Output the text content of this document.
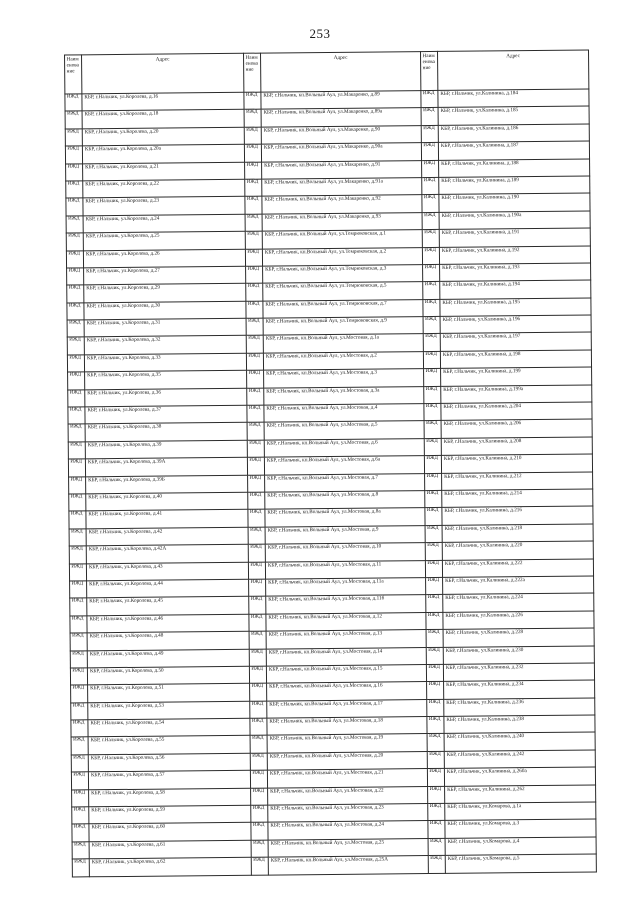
253
Наим енова ние	Адрес	Наим енова ние	Адрес	Наим енова ние	Адрес
ИЖД	КБР, г.Нальчик, ул.Королева, д.16	ИЖД	КБР, г.Нальчик, кп.Вольный Аул, ул.Макаренко, д.89	ИЖД	КБР, г.Нальчик, ул.Калинина, д.184
ИЖД	КБР, г.Нальчик, ул.Королева, д.18	ИЖД	КБР, г.Нальчик, кп.Вольный Аул, ул.Макаренко, д.89а	ИЖД	КБР, г.Нальчик, ул.Калинина, д.185
ИЖД	КБР, г.Нальчик, ул.Королева, д.20	ИЖД	КБР, г.Нальчик, кп.Вольный Аул, ул.Макаренко, д.90	ИЖД	КБР, г.Нальчик, ул.Калинина, д.186
ИЖД	КБР, г.Нальчик, ул.Королева, д.20а	ИЖД	КБР, г.Нальчик, кп.Вольный Аул, ул.Макаренко, д.90а	ИЖД	КБР, г.Нальчик, ул.Калинина, д.187
ИЖД	КБР, г.Нальчик, ул.Королева, д.21	ИЖД	КБР, г.Нальчик, кп.Вольный Аул, ул.Макаренко, д.91	ИЖД	КБР, г.Нальчик, ул.Калинина, д.188
ИЖД	КБР, г.Нальчик, ул.Королева, д.22	ИЖД	КБР, г.Нальчик, кп.Вольный Аул, ул.Макаренко, д.91а	ИЖД	КБР, г.Нальчик, ул.Калинина, д.189
ИЖД	КБР, г.Нальчик, ул.Королева, д.23	ИЖД	КБР, г.Нальчик, кп.Вольный Аул, ул.Макаренко, д.92	ИЖД	КБР, г.Нальчик, ул.Калинина, д.190
ИЖД	КБР, г.Нальчик, ул.Королева, д.24	ИЖД	КБР, г.Нальчик, кп.Вольный Аул, ул.Макаренко, д.93	ИЖД	КБР, г.Нальчик, ул.Калинина, д.190а
ИЖД	КБР, г.Нальчик, ул.Королева, д.25	ИЖД	КБР, г.Нальчик, кп.Вольный Аул, ул.Темрюковская, д.1	ИЖД	КБР, г.Нальчик, ул.Калинина, д.191
ИЖД	КБР, г.Нальчик, ул.Королева, д.26	ИЖД	КБР, г.Нальчик, кп.Вольный Аул, ул.Темрюковская, д.2	ИЖД	КБР, г.Нальчик, ул.Калинина, д.192
ИЖД	КБР, г.Нальчик, ул.Королева, д.27	ИЖД	КБР, г.Нальчик, кп.Вольный Аул, ул.Темрюковская, д.3	ИЖД	КБР, г.Нальчик, ул.Калинина, д.193
ИЖД	КБР, г.Нальчик, ул.Королева, д.29	ИЖД	КБР, г.Нальчик, кп.Вольный Аул, ул.Темрюковская, д.5	ИЖД	КБР, г.Нальчик, ул.Калинина, д.194
ИЖД	КБР, г.Нальчик, ул.Королева, д.30	ИЖД	КБР, г.Нальчик, кп.Вольный Аул, ул.Темрюковская, д.7	ИЖД	КБР, г.Нальчик, ул.Калинина, д.195
ИЖД	КБР, г.Нальчик, ул.Королева, д.31	ИЖД	КБР, г.Нальчик, кп.Вольный Аул, ул.Темрюковская, д.9	ИЖД	КБР, г.Нальчик, ул.Калинина, д.196
ИЖД	КБР, г.Нальчик, ул.Королева, д.32	ИЖД	КБР, г.Нальчик, кп.Вольный Аул, ул.Мостовая, д.1а	ИЖД	КБР, г.Нальчик, ул.Калинина, д.197
ИЖД	КБР, г.Нальчик, ул.Королева, д.33	ИЖД	КБР, г.Нальчик, кп.Вольный Аул, ул.Мостовая, д.2	ИЖД	КБР, г.Нальчик, ул.Калинина, д.198
ИЖД	КБР, г.Нальчик, ул.Королева, д.35	ИЖД	КБР, г.Нальчик, кп.Вольный Аул, ул.Мостовая, д.3	ИЖД	КБР, г.Нальчик, ул.Калинина, д.199
ИЖД	КБР, г.Нальчик, ул.Королева, д.36	ИЖД	КБР, г.Нальчик, кп.Вольный Аул, ул.Мостовая, д.3а	ИЖД	КБР, г.Нальчик, ул.Калинина, д.199а
ИЖД	КБР, г.Нальчик, ул.Королева, д.37	ИЖД	КБР, г.Нальчик, кп.Вольный Аул, ул.Мостовая, д.4	ИЖД	КБР, г.Нальчик, ул.Калинина, д.204
ИЖД	КБР, г.Нальчик, ул.Королева, д.38	ИЖД	КБР, г.Нальчик, кп.Вольный Аул, ул.Мостовая, д.5	ИЖД	КБР, г.Нальчик, ул.Калинина, д.206
ИЖД	КБР, г.Нальчик, ул.Королева, д.39	ИЖД	КБР, г.Нальчик, кп.Вольный Аул, ул.Мостовая, д.6	ИЖД	КБР, г.Нальчик, ул.Калинина, д.208
ИЖД	КБР, г.Нальчик, ул.Королева, д.39А	ИЖД	КБР, г.Нальчик, кп.Вольный Аул, ул.Мостовая, д.6а	ИЖД	КБР, г.Нальчик, ул.Калинина, д.210
ИЖД	КБР, г.Нальчик, ул.Королева, д.39Б	ИЖД	КБР, г.Нальчик, кп.Вольный Аул, ул.Мостовая, д.7	ИЖД	КБР, г.Нальчик, ул.Калинина, д.212
ИЖД	КБР, г.Нальчик, ул.Королева, д.40	ИЖД	КБР, г.Нальчик, кп.Вольный Аул, ул.Мостовая, д.8	ИЖД	КБР, г.Нальчик, ул.Калинина, д.214
ИЖД	КБР, г.Нальчик, ул.Королева, д.41	ИЖД	КБР, г.Нальчик, кп.Вольный Аул, ул.Мостовая, д.8а	ИЖД	КБР, г.Нальчик, ул.Калинина, д.216
ИЖД	КБР, г.Нальчик, ул.Королева, д.42	ИЖД	КБР, г.Нальчик, кп.Вольный Аул, ул.Мостовая, д.9	ИЖД	КБР, г.Нальчик, ул.Калинина, д.218
ИЖД	КБР, г.Нальчик, ул.Королева, д.42А	ИЖД	КБР, г.Нальчик, кп.Вольный Аул, ул.Мостовая, д.10	ИЖД	КБР, г.Нальчик, ул.Калинина, д.220
ИЖД	КБР, г.Нальчик, ул.Королева, д.43	ИЖД	КБР, г.Нальчик, кп.Вольный Аул, ул.Мостовая, д.11	ИЖД	КБР, г.Нальчик, ул.Калинина, д.222
ИЖД	КБР, г.Нальчик, ул.Королева, д.44	ИЖД	КБР, г.Нальчик, кп.Вольный Аул, ул.Мостовая, д.11а	ИЖД	КБР, г.Нальчик, ул.Калинина, д.222а
ИЖД	КБР, г.Нальчик, ул.Королева, д.45	ИЖД	КБР, г.Нальчик, кп.Вольный Аул, ул.Мостовая, д.11б	ИЖД	КБР, г.Нальчик, ул.Калинина, д.224
ИЖД	КБР, г.Нальчик, ул.Королева, д.46	ИЖД	КБР, г.Нальчик, кп.Вольный Аул, ул.Мостовая, д.12	ИЖД	КБР, г.Нальчик, ул.Калинина, д.226
ИЖД	КБР, г.Нальчик, ул.Королева, д.48	ИЖД	КБР, г.Нальчик, кп.Вольный Аул, ул.Мостовая, д.13	ИЖД	КБР, г.Нальчик, ул.Калинина, д.228
ИЖД	КБР, г.Нальчик, ул.Королева, д.49	ИЖД	КБР, г.Нальчик, кп.Вольный Аул, ул.Мостовая, д.14	ИЖД	КБР, г.Нальчик, ул.Калинина, д.230
ИЖД	КБР, г.Нальчик, ул.Королева, д.50	ИЖД	КБР, г.Нальчик, кп.Вольный Аул, ул.Мостовая, д.15	ИЖД	КБР, г.Нальчик, ул.Калинина, д.232
ИЖД	КБР, г.Нальчик, ул.Королева, д.51	ИЖД	КБР, г.Нальчик, кп.Вольный Аул, ул.Мостовая, д.16	ИЖД	КБР, г.Нальчик, ул.Калинина, д.234
ИЖД	КБР, г.Нальчик, ул.Королева, д.53	ИЖД	КБР, г.Нальчик, кп.Вольный Аул, ул.Мостовая, д.17	ИЖД	КБР, г.Нальчик, ул.Калинина, д.236
ИЖД	КБР, г.Нальчик, ул.Королева, д.54	ИЖД	КБР, г.Нальчик, кп.Вольный Аул, ул.Мостовая, д.18	ИЖД	КБР, г.Нальчик, ул.Калинина, д.238
ИЖД	КБР, г.Нальчик, ул.Королева, д.55	ИЖД	КБР, г.Нальчик, кп.Вольный Аул, ул.Мостовая, д.19	ИЖД	КБР, г.Нальчик, ул.Калинина, д.240
ИЖД	КБР, г.Нальчик, ул.Королева, д.56	ИЖД	КБР, г.Нальчик, кп.Вольный Аул, ул.Мостовая, д.20	ИЖД	КБР, г.Нальчик, ул.Калинина, д.242
ИЖД	КБР, г.Нальчик, ул.Королева, д.57	ИЖД	КБР, г.Нальчик, кп.Вольный Аул, ул.Мостовая, д.21	ИЖД	КБР, г.Нальчик, ул.Калинина, д.260а
ИЖД	КБР, г.Нальчик, ул.Королева, д.58	ИЖД	КБР, г.Нальчик, кп.Вольный Аул, ул.Мостовая, д.22	ИЖД	КБР, г.Нальчик, ул.Калинина, д.262
ИЖД	КБР, г.Нальчик, ул.Королева, д.59	ИЖД	КБР, г.Нальчик, кп.Вольный Аул, ул.Мостовая, д.23	ИЖД	КБР, г.Нальчик, ул.Комарова, д.1а
ИЖД	КБР, г.Нальчик, ул.Королева, д.60	ИЖД	КБР, г.Нальчик, кп.Вольный Аул, ул.Мостовая, д.24	ИЖД	КБР, г.Нальчик, ул.Комарова, д.3
ИЖД	КБР, г.Нальчик, ул.Королева, д.61	ИЖД	КБР, г.Нальчик, кп.Вольный Аул, ул.Мостовая, д.25	ИЖД	КБР, г.Нальчик, ул.Комарова, д.4
ИЖД	КБР, г.Нальчик, ул.Королева, д.62	ИЖД	КБР, г.Нальчик, кп.Вольный Аул, ул.Мостовая, д.25А	ИЖД	КБР, г.Нальчик, ул.Комарова, д.5
